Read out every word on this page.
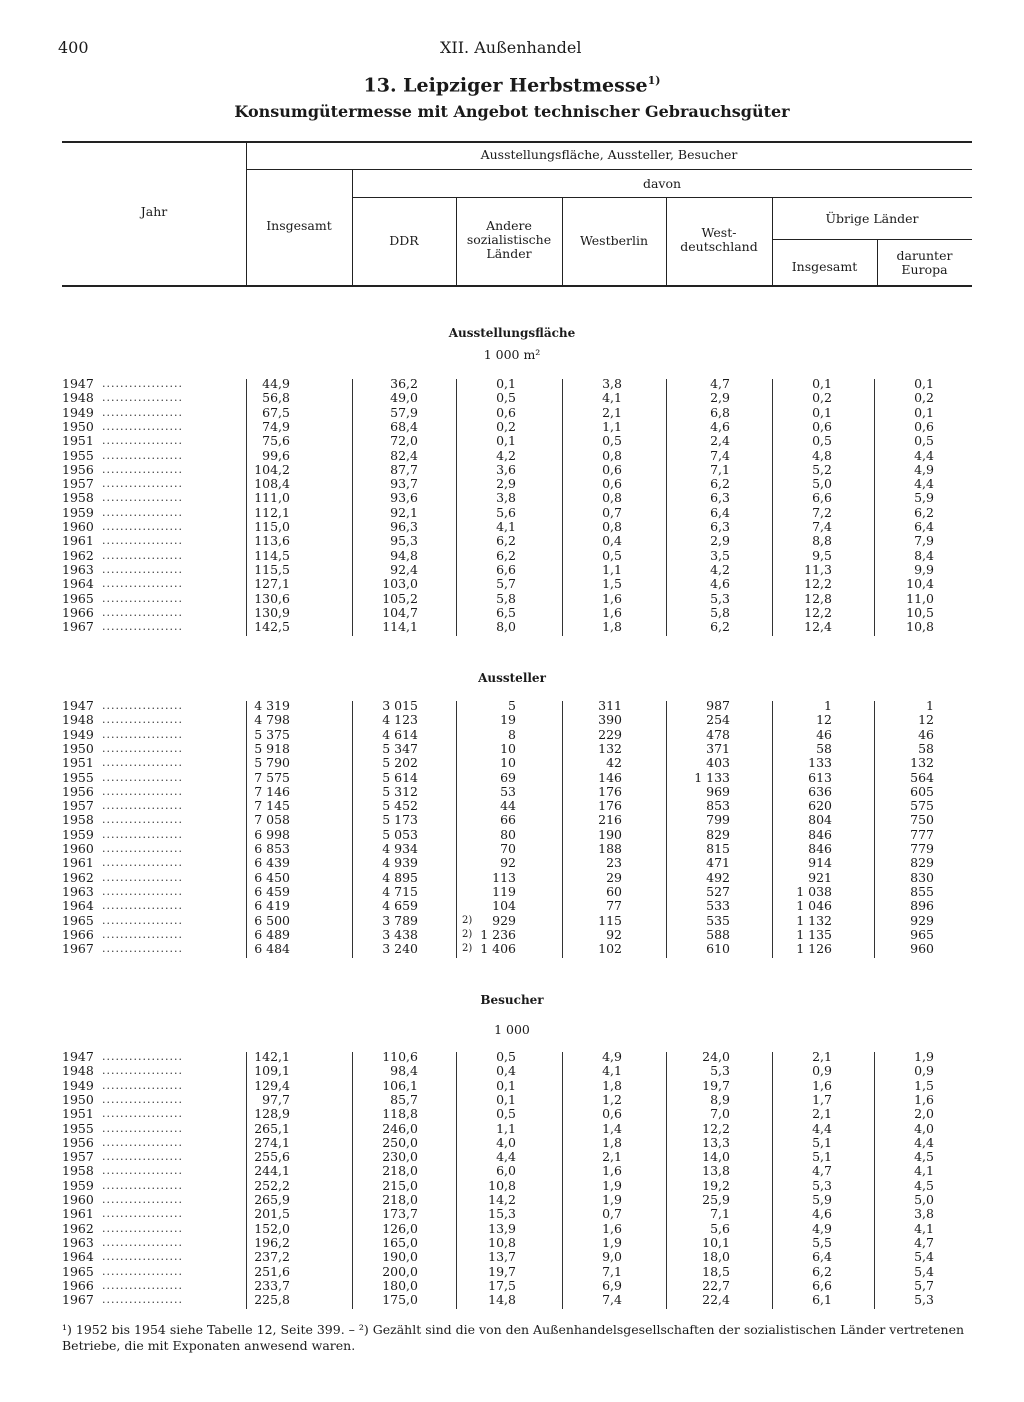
400	XII. Außenhandel
13. Leipziger Herbstmesse$^{1)}$
Konsumgütermesse mit Angebot technischer Gebrauchsgüter
Jahr
Ausstellungsfläche, Aussteller, Besucher
Insgesamt
davon
DDR
Andere
sozialistische
Länder
Westberlin
West-
deutschland
Übrige Länder
Insgesamt
darunter
Europa
Ausstellungsfläche
1 000 m²
1947 ..................	44,9	36,2	0,1	3,8	4,7	0,1	0,1
1948 ..................	56,8	49,0	0,5	4,1	2,9	0,2	0,2
1949 ..................	67,5	57,9	0,6	2,1	6,8	0,1	0,1
1950 ..................	74,9	68,4	0,2	1,1	4,6	0,6	0,6
1951 ..................	75,6	72,0	0,1	0,5	2,4	0,5	0,5
1955 ..................	99,6	82,4	4,2	0,8	7,4	4,8	4,4
1956 ..................	104,2	87,7	3,6	0,6	7,1	5,2	4,9
1957 ..................	108,4	93,7	2,9	0,6	6,2	5,0	4,4
1958 ..................	111,0	93,6	3,8	0,8	6,3	6,6	5,9
1959 ..................	112,1	92,1	5,6	0,7	6,4	7,2	6,2
1960 ..................	115,0	96,3	4,1	0,8	6,3	7,4	6,4
1961 ..................	113,6	95,3	6,2	0,4	2,9	8,8	7,9
1962 ..................	114,5	94,8	6,2	0,5	3,5	9,5	8,4
1963 ..................	115,5	92,4	6,6	1,1	4,2	11,3	9,9
1964 ..................	127,1	103,0	5,7	1,5	4,6	12,2	10,4
1965 ..................	130,6	105,2	5,8	1,6	5,3	12,8	11,0
1966 ..................	130,9	104,7	6,5	1,6	5,8	12,2	10,5
1967 ..................	142,5	114,1	8,0	1,8	6,2	12,4	10,8
Aussteller
1947 ..................	4 319	3 015	5	311	987	1	1
1948 ..................	4 798	4 123	19	390	254	12	12
1949 ..................	5 375	4 614	8	229	478	46	46
1950 ..................	5 918	5 347	10	132	371	58	58
1951 ..................	5 790	5 202	10	42	403	133	132
1955 ..................	7 575	5 614	69	146	1 133	613	564
1956 ..................	7 146	5 312	53	176	969	636	605
1957 ..................	7 145	5 452	44	176	853	620	575
1958 ..................	7 058	5 173	66	216	799	804	750
1959 ..................	6 998	5 053	80	190	829	846	777
1960 ..................	6 853	4 934	70	188	815	846	779
1961 ..................	6 439	4 939	92	23	471	914	829
1962 ..................	6 450	4 895	113	29	492	921	830
1963 ..................	6 459	4 715	119	60	527	1 038	855
1964 ..................	6 419	4 659	104	77	533	1 046	896
1965 ..................	6 500	3 789	929	115	535	1 132	929
2)
1966 ..................	6 489	3 438	1 236	92	588	1 135	965
2)
1967 ..................	6 484	3 240	1 406	102	610	1 126	960
2)
Besucher
1 000
1947 ..................	142,1	110,6	0,5	4,9	24,0	2,1	1,9
1948 ..................	109,1	98,4	0,4	4,1	5,3	0,9	0,9
1949 ..................	129,4	106,1	0,1	1,8	19,7	1,6	1,5
1950 ..................	97,7	85,7	0,1	1,2	8,9	1,7	1,6
1951 ..................	128,9	118,8	0,5	0,6	7,0	2,1	2,0
1955 ..................	265,1	246,0	1,1	1,4	12,2	4,4	4,0
1956 ..................	274,1	250,0	4,0	1,8	13,3	5,1	4,4
1957 ..................	255,6	230,0	4,4	2,1	14,0	5,1	4,5
1958 ..................	244,1	218,0	6,0	1,6	13,8	4,7	4,1
1959 ..................	252,2	215,0	10,8	1,9	19,2	5,3	4,5
1960 ..................	265,9	218,0	14,2	1,9	25,9	5,9	5,0
1961 ..................	201,5	173,7	15,3	0,7	7,1	4,6	3,8
1962 ..................	152,0	126,0	13,9	1,6	5,6	4,9	4,1
1963 ..................	196,2	165,0	10,8	1,9	10,1	5,5	4,7
1964 ..................	237,2	190,0	13,7	9,0	18,0	6,4	5,4
1965 ..................	251,6	200,0	19,7	7,1	18,5	6,2	5,4
1966 ..................	233,7	180,0	17,5	6,9	22,7	6,6	5,7
1967 ..................	225,8	175,0	14,8	7,4	22,4	6,1	5,3
¹) 1952 bis 1954 siehe Tabelle 12, Seite 399. – ²) Gezählt sind die von den Außenhandelsgesellschaften der sozialistischen Länder vertretenen
Betriebe, die mit Exponaten anwesend waren.
